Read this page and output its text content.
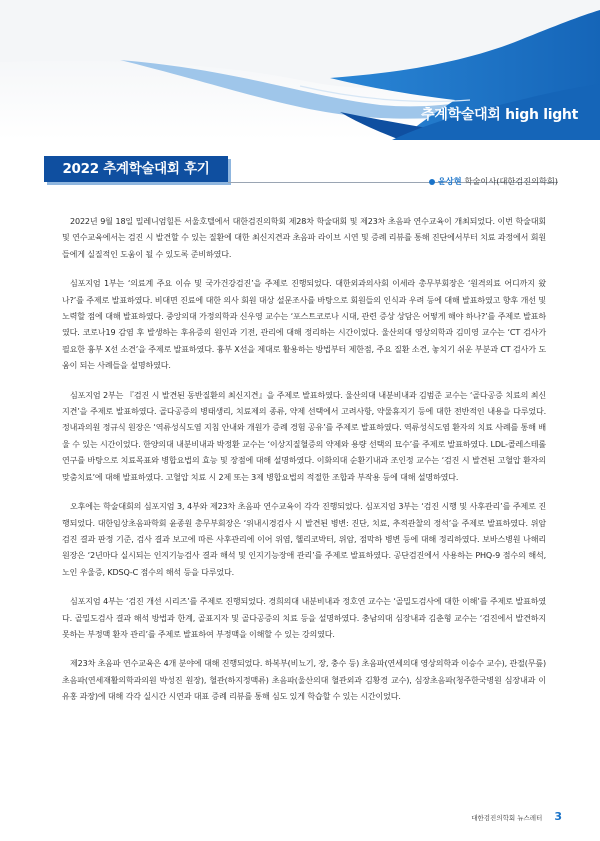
추계학술대회 high light
2022 추계학술대회 후기
윤상현 학술이사(대한검진의학회)

2022년 9월 18일 밀레니엄힐튼 서울호텔에서 대한검진의학회 제28차 학술대회 및 제23차 초음파 연수교육이 개최되었다. 이번 학술대회 및 연수교육에서는 검진 시 발견할 수 있는 질환에 대한 최신지견과 초음파 라이브 시연 및 증례 리뷰를 통해 진단에서부터 치료 과정에서 회원들에게 실질적인 도움이 될 수 있도록 준비하였다.

심포지엄 1부는 ‘의료계 주요 이슈 및 국가건강검진’을 주제로 진행되었다. 대한외과의사회 이세라 총무부회장은 ‘원격의료 어디까지 왔나?’를 주제로 발표하였다. 비대면 진료에 대한 의사 회원 대상 설문조사를 바탕으로 회원들의 인식과 우려 등에 대해 발표하였고 향후 개선 및 노력할 점에 대해 발표하였다. 중앙의대 가정의학과 신우영 교수는 ‘포스트코로나 시대, 관련 증상 상담은 어떻게 해야 하나?’를 주제로 발표하였다. 코로나19 감염 후 발생하는 후유증의 원인과 기전, 관리에 대해 정리하는 시간이었다. 울산의대 영상의학과 김미영 교수는 ‘CT 검사가 필요한 흉부 X선 소견’을 주제로 발표하였다. 흉부 X선을 제대로 활용하는 방법부터 제한점, 주요 질환 소견, 놓치기 쉬운 부분과 CT 검사가 도움이 되는 사례들을 설명하였다.

심포지엄 2부는 『검진 시 발견된 동반질환의 최신지견』을 주제로 발표하였다. 울산의대 내분비내과 김범준 교수는 ‘골다공증 치료의 최신지견’을 주제로 발표하였다. 골다공증의 병태생리, 치료제의 종류, 약제 선택에서 고려사항, 약물휴지기 등에 대한 전반적인 내용을 다루었다. 정내과의원 정규식 원장은 ‘역류성식도염 지침 안내와 개원가 증례 경험 공유’를 주제로 발표하였다. 역류성식도염 환자의 치료 사례를 통해 배울 수 있는 시간이었다. 한양의대 내분비내과 박정환 교수는 ‘이상지질혈증의 약제와 용량 선택의 묘수’를 주제로 발표하였다. LDL-콜레스테롤 연구를 바탕으로 치료목표와 병합요법의 효능 및 장점에 대해 설명하였다. 이화의대 순환기내과 조인정 교수는 ‘검진 시 발견된 고혈압 환자의 맞춤치료’에 대해 발표하였다. 고혈압 치료 시 2제 또는 3제 병합요법의 적절한 조합과 부작용 등에 대해 설명하였다.

오후에는 학술대회의 심포지엄 3, 4부와 제23차 초음파 연수교육이 각각 진행되었다. 심포지엄 3부는 ‘검진 시행 및 사후관리’를 주제로 진행되었다. 대한임상초음파학회 윤종원 총무부회장은 ‘위내시경검사 시 발견된 병변: 진단, 치료, 추적관찰의 정석’을 주제로 발표하였다. 위암 검진 결과 판정 기준, 검사 결과 보고에 따른 사후관리에 이어 위염, 헬리코박터, 위암, 점막하 병변 등에 대해 정리하였다. 보바스병원 나해리 원장은 ‘2년마다 실시되는 인지기능검사 결과 해석 및 인지기능장애 관리’를 주제로 발표하였다. 공단검진에서 사용하는 PHQ-9 점수의 해석, 노인 우울증, KDSQ-C 점수의 해석 등을 다루었다.

심포지엄 4부는 ‘검진 개선 시리즈’를 주제로 진행되었다. 경희의대 내분비내과 정호연 교수는 ‘골밀도검사에 대한 이해’를 주제로 발표하였다. 골밀도검사 결과 해석 방법과 한계, 골표지자 및 골다공증의 치료 등을 설명하였다. 충남의대 심장내과 김춘형 교수는 ‘검진에서 발견하지 못하는 부정맥 환자 관리’를 주제로 발표하여 부정맥을 이해할 수 있는 강의였다.

제23차 초음파 연수교육은 4개 분야에 대해 진행되었다. 하복부(비뇨기, 장, 충수 등) 초음파(연세의대 영상의학과 이승수 교수), 관절(무릎) 초음파(연세재활의학과의원 박성진 원장), 혈관(하지정맥류) 초음파(울산의대 혈관외과 김황경 교수), 심장초음파(청주한국병원 심장내과 이유홍 과장)에 대해 각각 실시간 시연과 대표 증례 리뷰를 통해 심도 있게 학습할 수 있는 시간이었다.

대한검진의학회 뉴스레터 3
